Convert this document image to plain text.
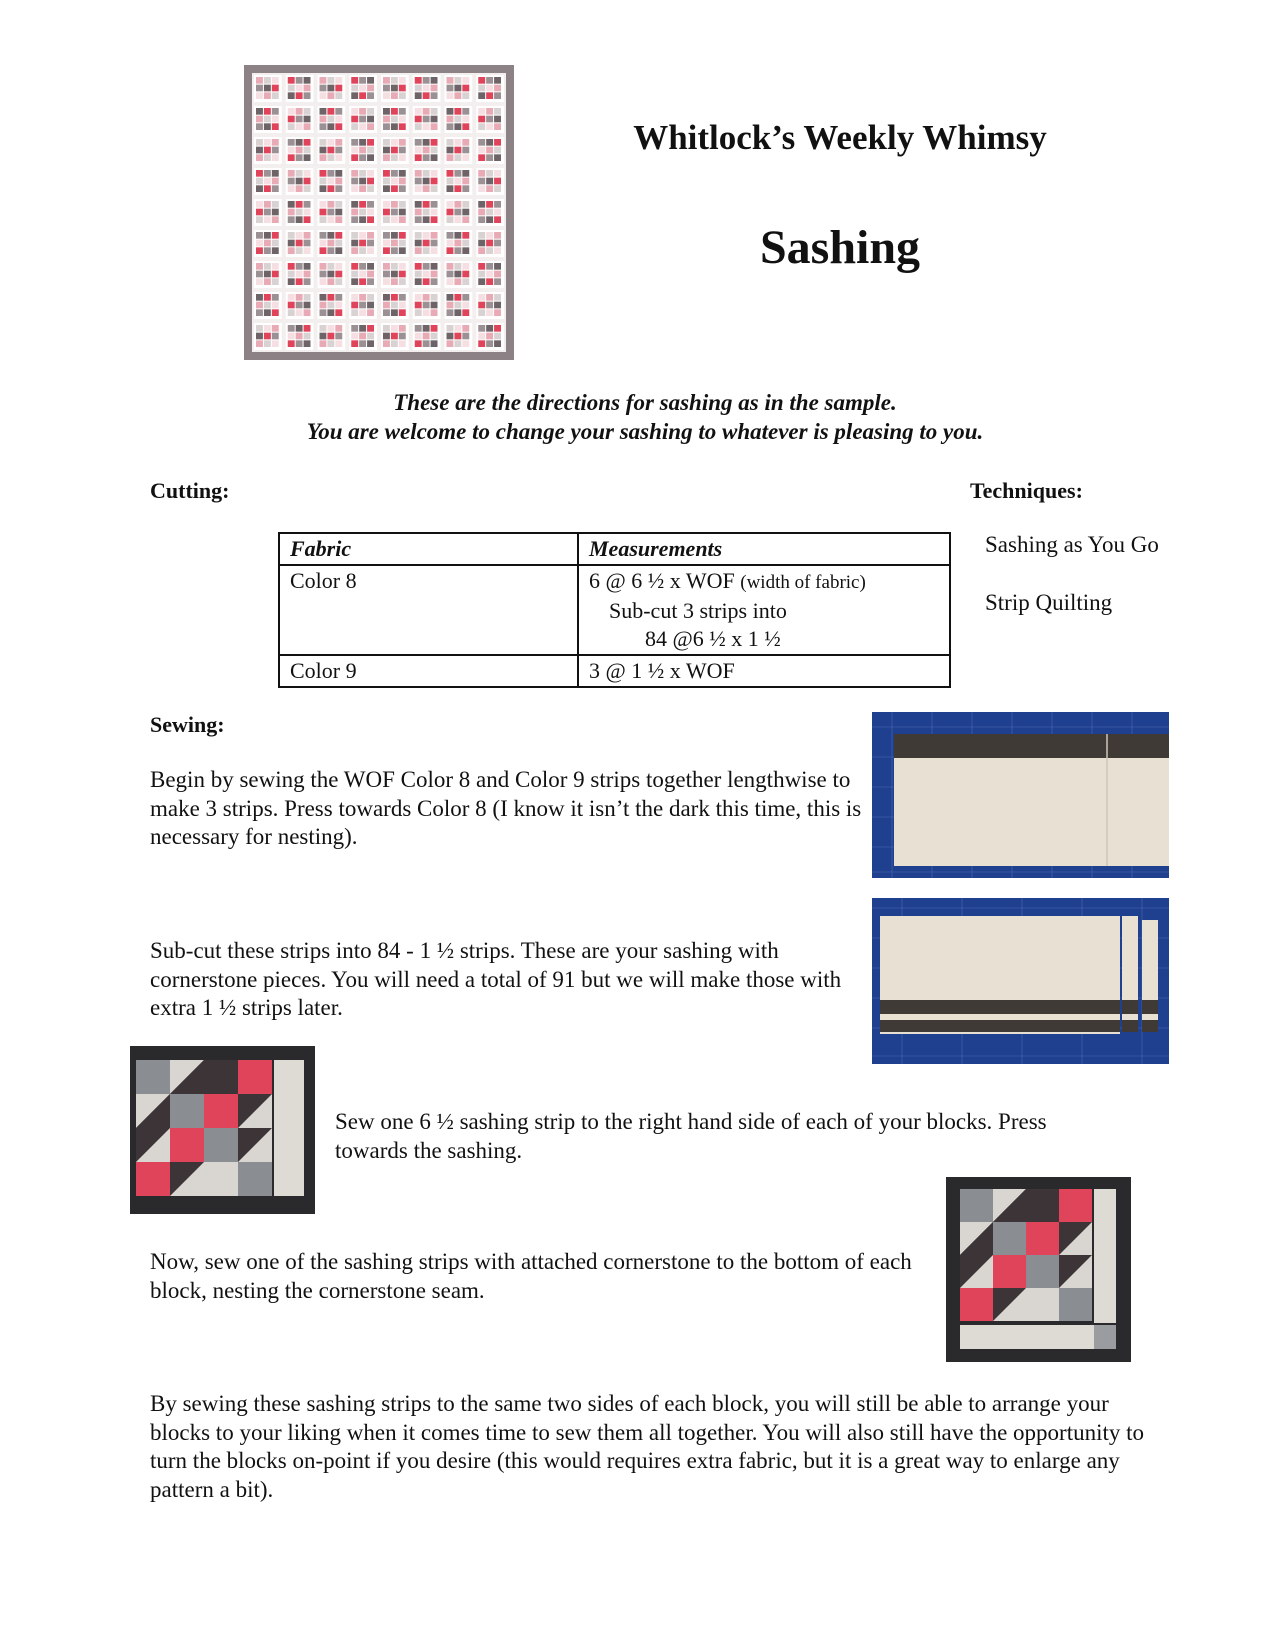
Whitlock’s Weekly Whimsy
Sashing
These are the directions for sashing as in the sample.
You are welcome to change your sashing to whatever is pleasing to you.
Cutting:	Techniques:
Sashing as You Go
Strip Quilting
Fabric	Measurements
Color 8	6 @ 6 ½ x WOF (width of fabric)
Sub-cut 3 strips into
84 @6 ½ x 1 ½

Color 9	3 @ 1 ½ x WOF
Sewing:
Begin by sewing the WOF Color 8 and Color 9 strips together lengthwise to make 3 strips. Press towards Color 8 (I know it isn’t the dark this time, this is necessary for nesting).
Sub-cut these strips into 84 - 1 ½ strips. These are your sashing with cornerstone pieces. You will need a total of 91 but we will make those with extra 1 ½ strips later.
Sew one 6 ½ sashing strip to the right hand side of each of your blocks. Press towards the sashing.
Now, sew one of the sashing strips with attached cornerstone to the bottom of each block, nesting the cornerstone seam.
By sewing these sashing strips to the same two sides of each block, you will still be able to arrange your blocks to your liking when it comes time to sew them all together. You will also still have the opportunity to turn the blocks on-point if you desire (this would requires extra fabric, but it is a great way to enlarge any pattern a bit).
